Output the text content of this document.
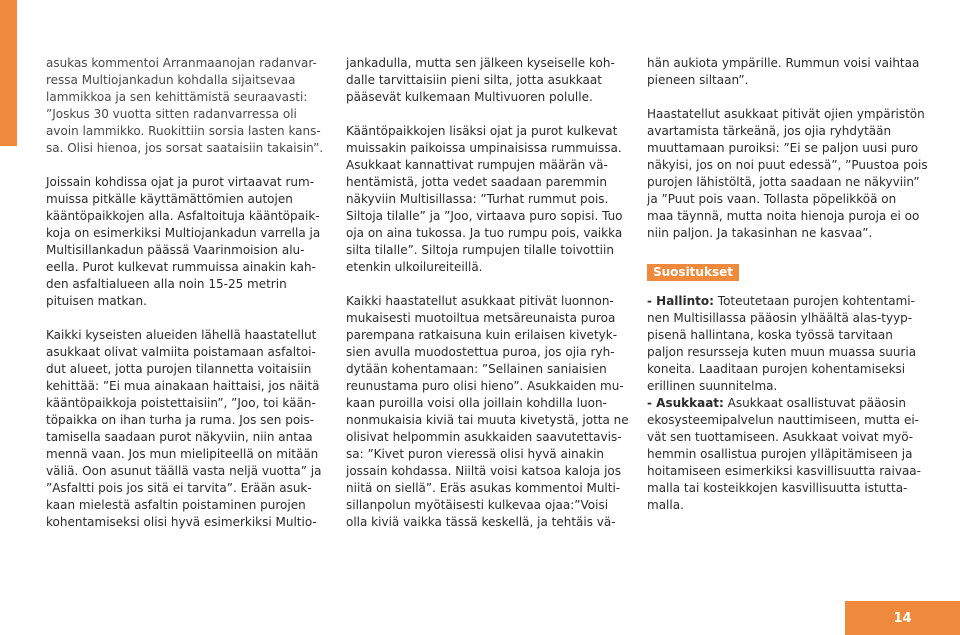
asukas kommentoi Arranmaanojan radanvar-
ressa Multiojankadun kohdalla sijaitsevaa
lammikkoa ja sen kehittämistä seuraavasti:
”Joskus 30 vuotta sitten radanvarressa oli
avoin lammikko. Ruokittiin sorsia lasten kans-
sa. Olisi hienoa, jos sorsat saataisiin takaisin”.
Joissain kohdissa ojat ja purot virtaavat rum-
muissa pitkälle käyttämättömien autojen
kääntöpaikkojen alla. Asfaltoituja kääntöpaik-
koja on esimerkiksi Multiojankadun varrella ja
Multisillankadun päässä Vaarinmoision alu-
eella. Purot kulkevat rummuissa ainakin kah-
den asfaltialueen alla noin 15-25 metrin
pituisen matkan.
Kaikki kyseisten alueiden lähellä haastatellut
asukkaat olivat valmiita poistamaan asfaltoi-
dut alueet, jotta purojen tilannetta voitaisiin
kehittää: ”Ei mua ainakaan haittaisi, jos näitä
kääntöpaikkoja poistettaisiin”, ”Joo, toi kään-
töpaikka on ihan turha ja ruma. Jos sen pois-
tamisella saadaan purot näkyviin, niin antaa
mennä vaan. Jos mun mielipiteellä on mitään
väliä. Oon asunut täällä vasta neljä vuotta” ja
”Asfaltti pois jos sitä ei tarvita”. Erään asuk-
kaan mielestä asfaltin poistaminen purojen
kohentamiseksi olisi hyvä esimerkiksi Multio-
jankadulla, mutta sen jälkeen kyseiselle koh-
dalle tarvittaisiin pieni silta, jotta asukkaat
pääsevät kulkemaan Multivuoren polulle.
Kääntöpaikkojen lisäksi ojat ja purot kulkevat
muissakin paikoissa umpinaisissa rummuissa.
Asukkaat kannattivat rumpujen määrän vä-
hentämistä, jotta vedet saadaan paremmin
näkyviin Multisillassa: ”Turhat rummut pois.
Siltoja tilalle” ja ”Joo, virtaava puro sopisi. Tuo
oja on aina tukossa. Ja tuo rumpu pois, vaikka
silta tilalle”. Siltoja rumpujen tilalle toivottiin
etenkin ulkoilureiteillä.
Kaikki haastatellut asukkaat pitivät luonnon-
mukaisesti muotoiltua metsäreunaista puroa
parempana ratkaisuna kuin erilaisen kivetyk-
sien avulla muodostettua puroa, jos ojia ryh-
dytään kohentamaan: ”Sellainen saniaisien
reunustama puro olisi hieno”. Asukkaiden mu-
kaan puroilla voisi olla joillain kohdilla luon-
nonmukaisia kiviä tai muuta kivetystä, jotta ne
olisivat helpommin asukkaiden saavutettavis-
sa: ”Kivet puron vieressä olisi hyvä ainakin
jossain kohdassa. Niiltä voisi katsoa kaloja jos
niitä on siellä”. Eräs asukas kommentoi Multi-
sillanpolun myötäisesti kulkevaa ojaa:”Voisi
olla kiviä vaikka tässä keskellä, ja tehtäis vä-
hän aukiota ympärille. Rummun voisi vaihtaa
pieneen siltaan”.
Haastatellut asukkaat pitivät ojien ympäristön
avartamista tärkeänä, jos ojia ryhdytään
muuttamaan puroiksi: ”Ei se paljon uusi puro
näkyisi, jos on noi puut edessä”, ”Puustoa pois
purojen lähistöltä, jotta saadaan ne näkyviin”
ja ”Puut pois vaan. Tollasta pöpelikköä on
maa täynnä, mutta noita hienoja puroja ei oo
niin paljon. Ja takasinhan ne kasvaa”.
Suositukset
- Hallinto: Toteutetaan purojen kohtentami-
nen Multisillassa pääosin ylhäältä alas-tyyp-
pisenä hallintana, koska työssä tarvitaan
paljon resursseja kuten muun muassa suuria
koneita. Laaditaan purojen kohentamiseksi
erillinen suunnitelma.
- Asukkaat: Asukkaat osallistuvat pääosin
ekosysteemipalvelun nauttimiseen, mutta ei-
vät sen tuottamiseen. Asukkaat voivat myö-
hemmin osallistua purojen ylläpitämiseen ja
hoitamiseen esimerkiksi kasvillisuutta raivaa-
malla tai kosteikkojen kasvillisuutta istutta-
malla.
14
